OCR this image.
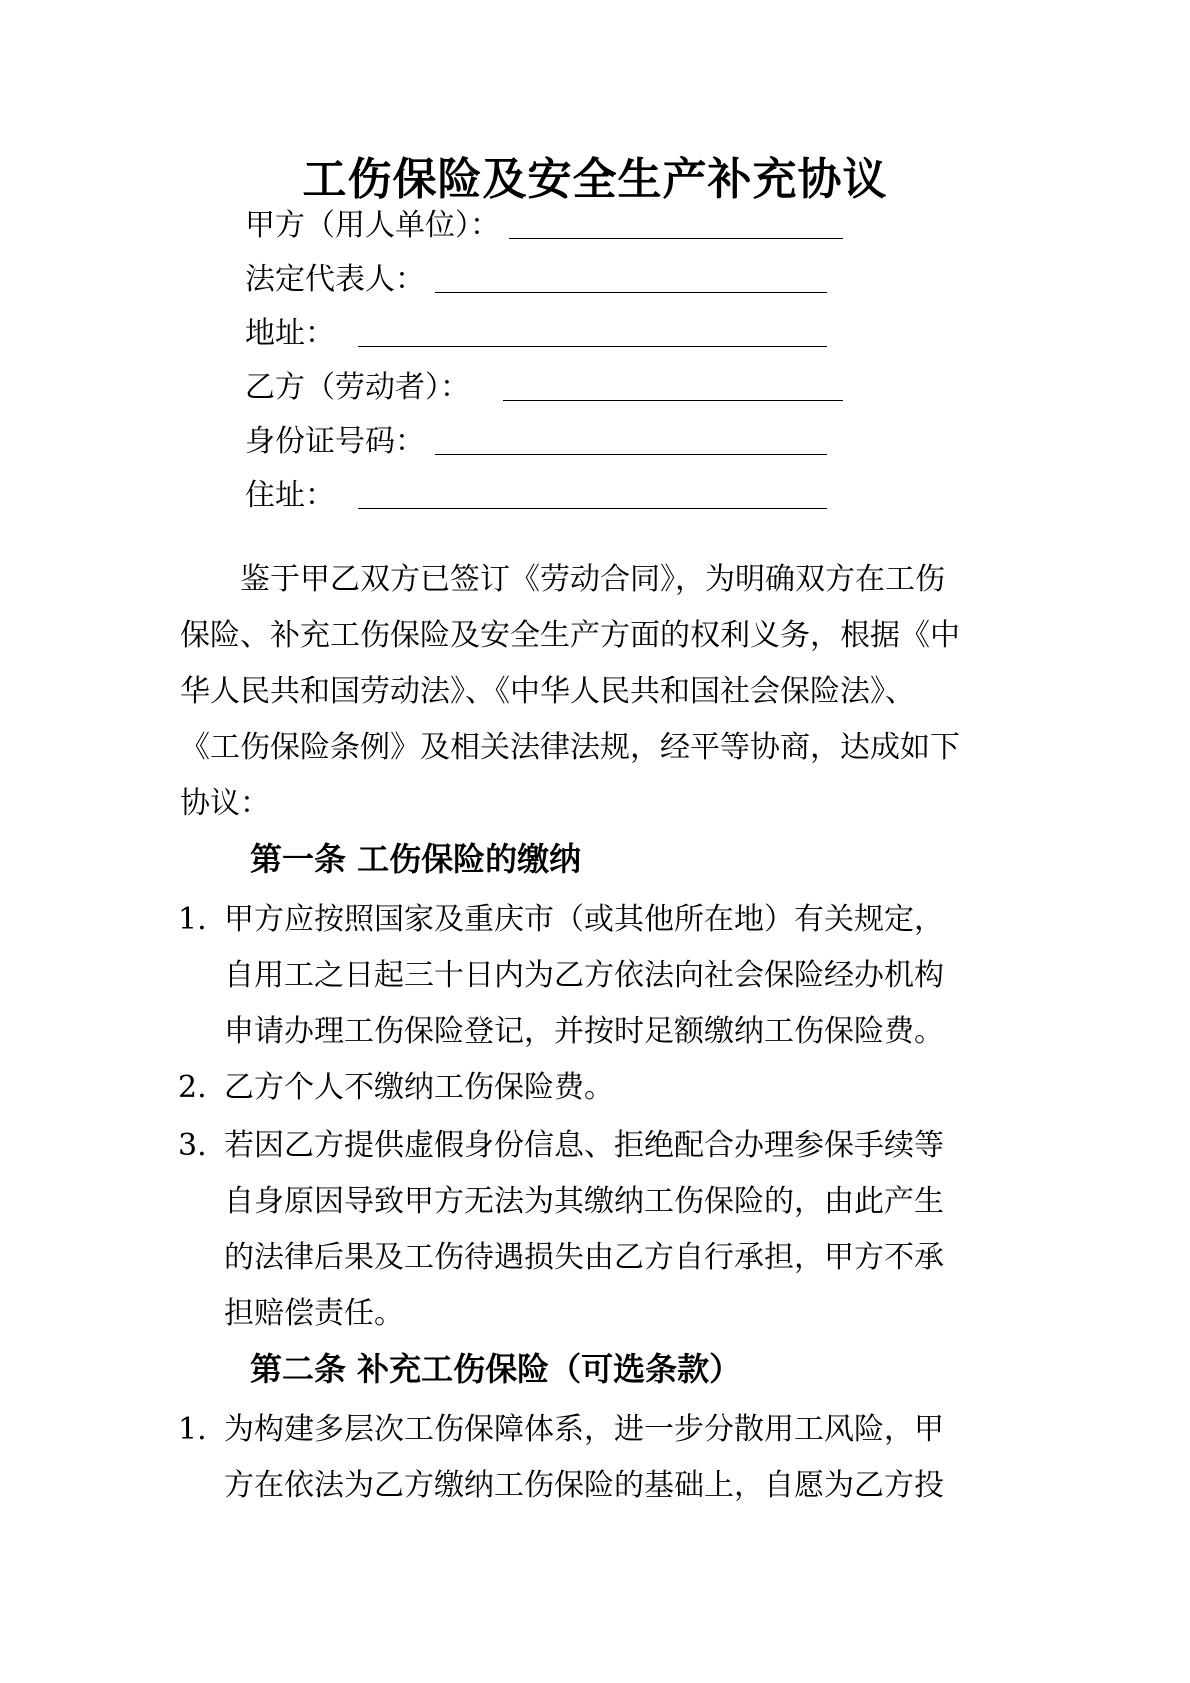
工伤保险及安全生产补充协议
甲方（用人单位）：
法定代表人：
地址：
乙方（劳动者）：
身份证号码：
住址：
　　鉴于甲乙双方已签订《劳动合同》，为明确双方在工伤
保险、补充工伤保险及安全生产方面的权利义务，根据《中
华人民共和国劳动法》、《中华人民共和国社会保险法》、
《工伤保险条例》及相关法律法规，经平等协商，达成如下
协议：
第一条 工伤保险的缴纳
1. 甲方应按照国家及重庆市（或其他所在地）有关规定，
自用工之日起三十日内为乙方依法向社会保险经办机构
申请办理工伤保险登记，并按时足额缴纳工伤保险费。
2. 乙方个人不缴纳工伤保险费。
3. 若因乙方提供虚假身份信息、拒绝配合办理参保手续等
自身原因导致甲方无法为其缴纳工伤保险的，由此产生
的法律后果及工伤待遇损失由乙方自行承担，甲方不承
担赔偿责任。
第二条 补充工伤保险（可选条款）
1. 为构建多层次工伤保障体系，进一步分散用工风险，甲
方在依法为乙方缴纳工伤保险的基础上，自愿为乙方投
